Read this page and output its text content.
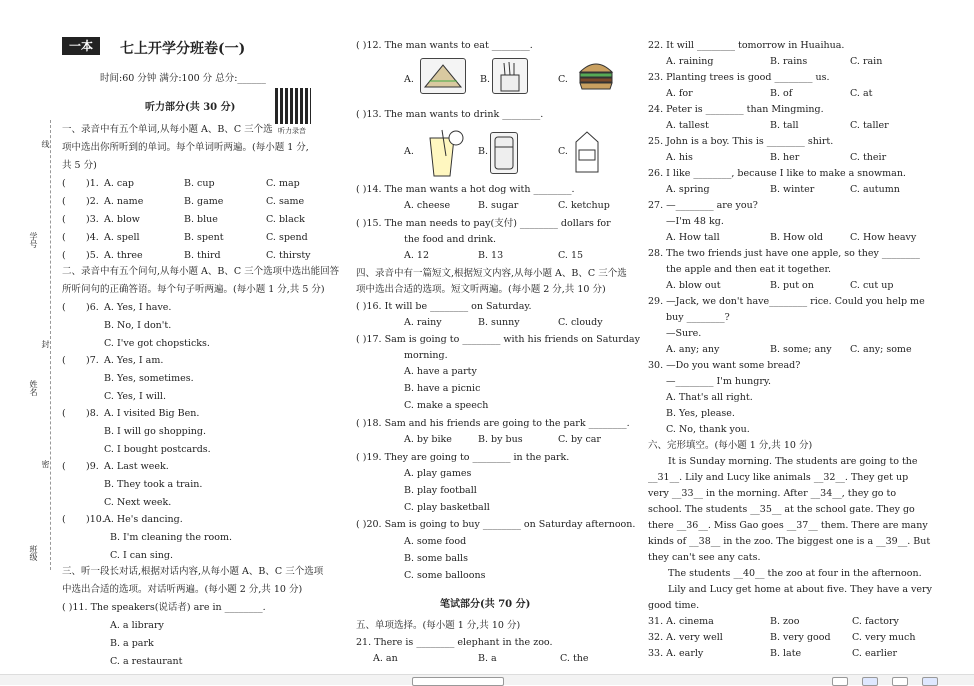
一本	七上开学分班卷(一)
时间:60 分钟 满分:100 分 总分:______
听力部分(共 30 分)
听力录音
线
学号
封
姓名
密
班级
一、录音中有五个单词,从每小题 A、B、C 三个选
项中选出你所听到的单词。每个单词听两遍。(每小题 1 分,
共 5 分)
( )1. A. cap	B. cup	C. map
( )2. A. name	B. game	C. same
( )3. A. blow	B. blue	C. black
( )4. A. spell	B. spent	C. spend
( )5. A. three	B. third	C. thirsty
二、录音中有五个问句,从每小题 A、B、C 三个选项中选出能回答
所听问句的正确答语。每个句子听两遍。(每小题 1 分,共 5 分)
( )6. A. Yes, I have.
B. No, I don't.
C. I've got chopsticks.
( )7. A. Yes, I am.
B. Yes, sometimes.
C. Yes, I will.
( )8. A. I visited Big Ben.
B. I will go shopping.
C. I bought postcards.
( )9. A. Last week.
B. They took a train.
C. Next week.
( )10. A. He's dancing.
B. I'm cleaning the room.
C. I can sing.
三、听一段长对话,根据对话内容,从每小题 A、B、C 三个选项
中选出合适的选项。对话听两遍。(每小题 2 分,共 10 分)
( )11. The speakers(说话者) are in ________.
A. a library
B. a park
C. a restaurant
( )12. The man wants to eat ________.
A.	B.	C.
( )13. The man wants to drink ________.
A.	B.	C.
( )14. The man wants a hot dog with ________.
A. cheese	B. sugar	C. ketchup
( )15. The man needs to pay(支付) ________ dollars for
the food and drink.
A. 12	B. 13	C. 15
四、录音中有一篇短文,根据短文内容,从每小题 A、B、C 三个选
项中选出合适的选项。短文听两遍。(每小题 2 分,共 10 分)
( )16. It will be ________ on Saturday.
A. rainy	B. sunny	C. cloudy
( )17. Sam is going to ________ with his friends on Saturday
morning.
A. have a party
B. have a picnic
C. make a speech
( )18. Sam and his friends are going to the park ________.
A. by bike	B. by bus	C. by car
( )19. They are going to ________ in the park.
A. play games
B. play football
C. play basketball
( )20. Sam is going to buy ________ on Saturday afternoon.
A. some food
B. some balls
C. some balloons
笔试部分(共 70 分)
五、单项选择。(每小题 1 分,共 10 分)
21. There is ________ elephant in the zoo.
A. an	B. a	C. the
22. It will ________ tomorrow in Huaihua.
A. raining	B. rains	C. rain
23. Planting trees is good ________ us.
A. for	B. of	C. at
24. Peter is ________ than Mingming.
A. tallest	B. tall	C. taller
25. John is a boy. This is ________ shirt.
A. his	B. her	C. their
26. I like ________, because I like to make a snowman.
A. spring	B. winter	C. autumn
27. —________ are you?
—I'm 48 kg.
A. How tall	B. How old	C. How heavy
28. The two friends just have one apple, so they ________
the apple and then eat it together.
A. blow out	B. put on	C. cut up
29. —Jack, we don't have________ rice. Could you help me
buy ________?
—Sure.
A. any; any	B. some; any C. any; some
30. —Do you want some bread?
—________ I'm hungry.
A. That's all right.
B. Yes, please.
C. No, thank you.
六、完形填空。(每小题 1 分,共 10 分)
It is Sunday morning. The students are going to the
__31__. Lily and Lucy like animals __32__. They get up
very __33__ in the morning. After __34__, they go to
school. The students __35__ at the school gate. They go
there __36__. Miss Gao goes __37__ them. There are many
kinds of __38__ in the zoo. The biggest one is a __39__. But
they can't see any cats.
The students __40__ the zoo at four in the afternoon.
Lily and Lucy get home at about five. They have a very
good time.
31. A. cinema	B. zoo	C. factory
32. A. very well	B. very good C. very much
33. A. early	B. late	C. earlier
